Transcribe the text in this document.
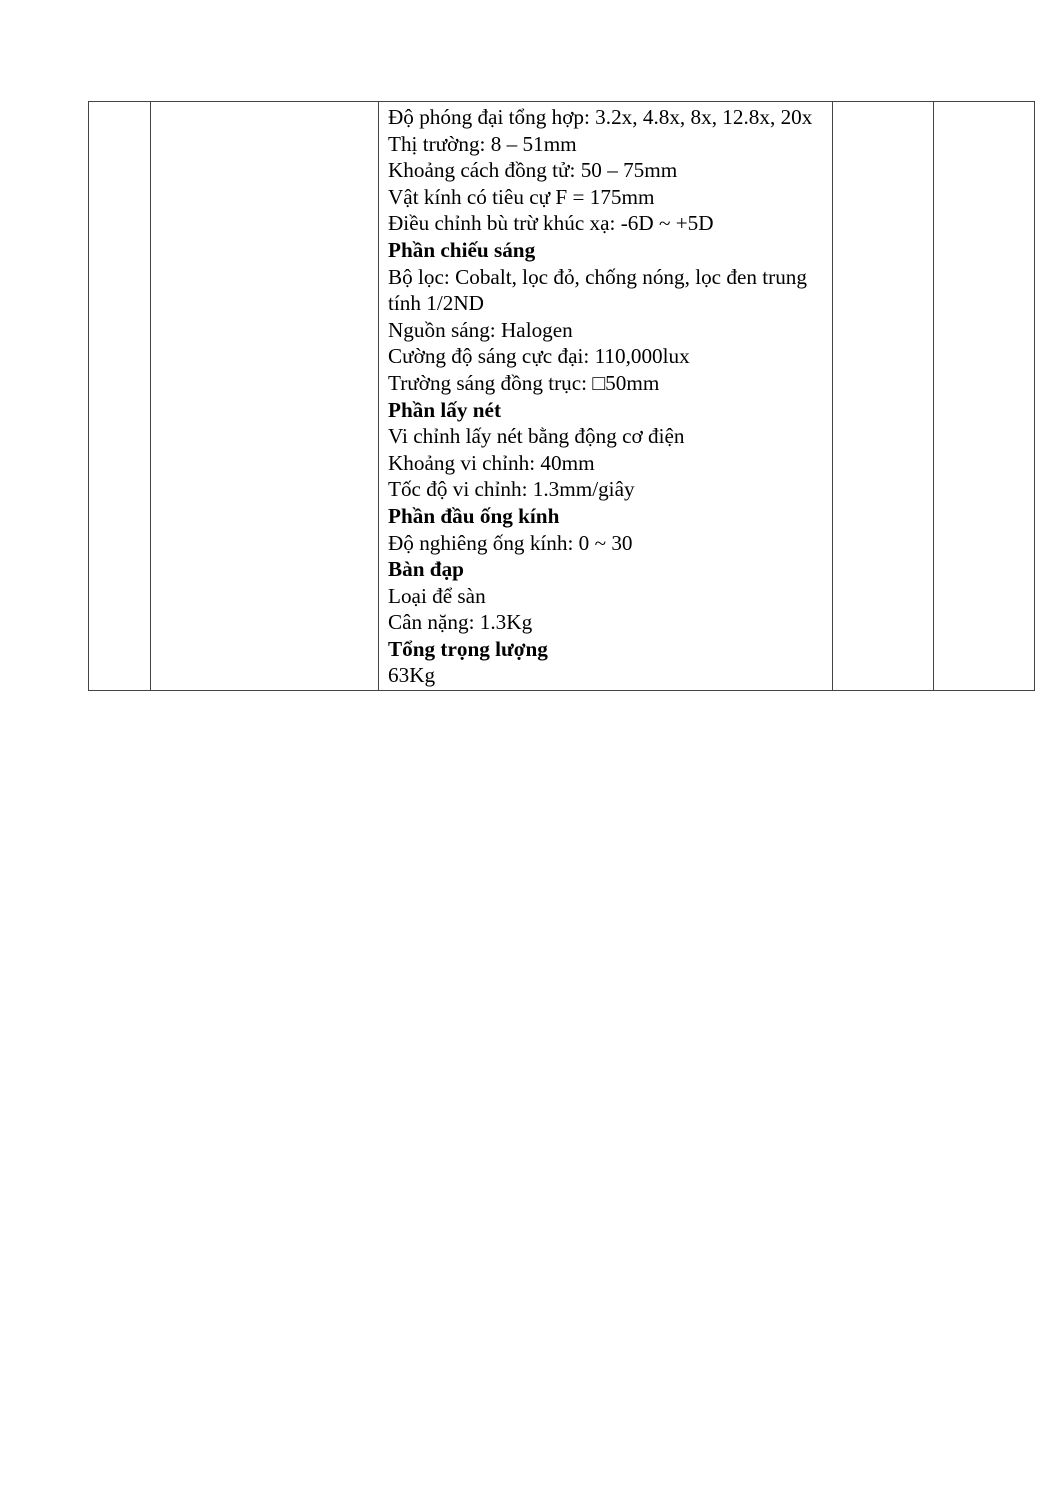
Độ phóng đại tổng hợp: 3.2x, 4.8x, 8x, 12.8x, 20x
Thị trường: 8 – 51mm
Khoảng cách đồng tử: 50 – 75mm
Vật kính có tiêu cự F = 175mm
Điều chỉnh bù trừ khúc xạ: -6D ~ +5D
Phần chiếu sáng
Bộ lọc: Cobalt, lọc đỏ, chống nóng, lọc đen trung tính 1/2ND
Nguồn sáng: Halogen
Cường độ sáng cực đại: 110,000lux
Trường sáng đồng trục: □50mm
Phần lấy nét
Vi chỉnh lấy nét bằng động cơ điện
Khoảng vi chỉnh: 40mm
Tốc độ vi chỉnh: 1.3mm/giây
Phần đầu ống kính
Độ nghiêng ống kính: 0 ~ 30
Bàn đạp
Loại để sàn
Cân nặng: 1.3Kg
Tổng trọng lượng
63Kg
